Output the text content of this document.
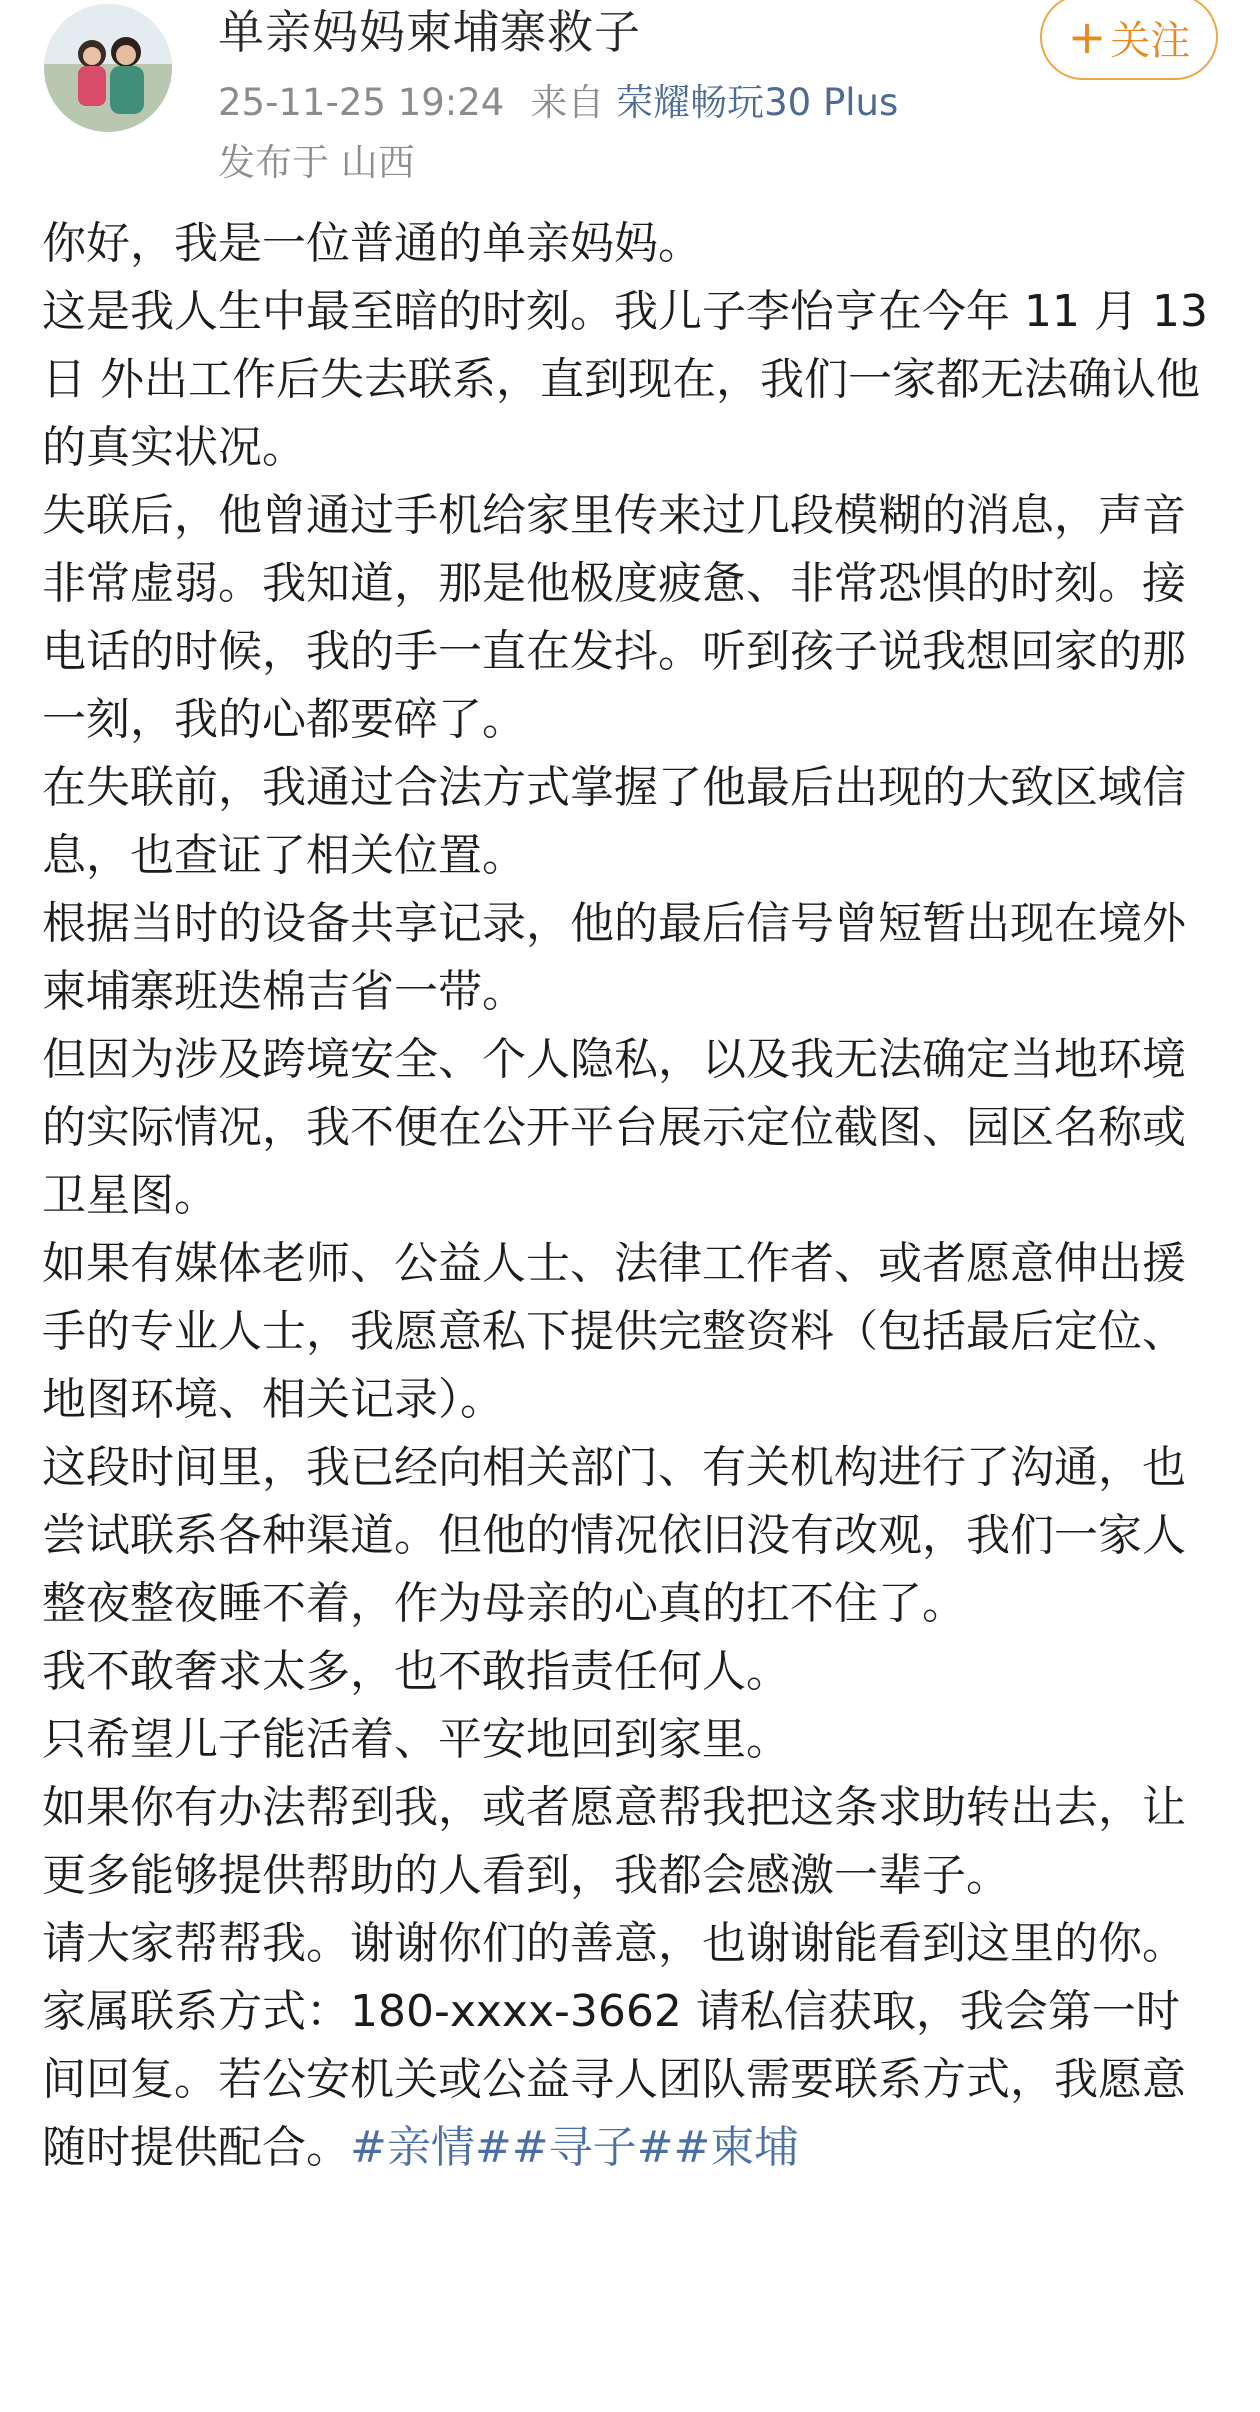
单亲妈妈柬埔寨救子
25-11-25 19:24 来自 荣耀畅玩30 Plus
发布于 山西
+ 关注

你好，我是一位普通的单亲妈妈。

这是我人生中最至暗的时刻。我儿子李怡亨在今年 11 月 13日 外出工作后失去联系，直到现在，我们一家都无法确认他的真实状况。

失联后，他曾通过手机给家里传来过几段模糊的消息，声音非常虚弱。我知道，那是他极度疲惫、非常恐惧的时刻。接电话的时候，我的手一直在发抖。听到孩子说我想回家的那一刻，我的心都要碎了。

在失联前，我通过合法方式掌握了他最后出现的大致区域信息，也查证了相关位置。

根据当时的设备共享记录，他的最后信号曾短暂出现在境外柬埔寨班迭棉吉省一带。

但因为涉及跨境安全、个人隐私，以及我无法确定当地环境的实际情况，我不便在公开平台展示定位截图、园区名称或卫星图。

如果有媒体老师、公益人士、法律工作者、或者愿意伸出援手的专业人士，我愿意私下提供完整资料（包括最后定位、地图环境、相关记录）。

这段时间里，我已经向相关部门、有关机构进行了沟通，也尝试联系各种渠道。但他的情况依旧没有改观，我们一家人整夜整夜睡不着，作为母亲的心真的扛不住了。

我不敢奢求太多，也不敢指责任何人。

只希望儿子能活着、平安地回到家里。

如果你有办法帮到我，或者愿意帮我把这条求助转出去，让更多能够提供帮助的人看到，我都会感激一辈子。

请大家帮帮我。谢谢你们的善意，也谢谢能看到这里的你。

家属联系方式：180-xxxx-3662 请私信获取，我会第一时间回复。若公安机关或公益寻人团队需要联系方式，我愿意随时提供配合。#亲情##寻子##柬埔
